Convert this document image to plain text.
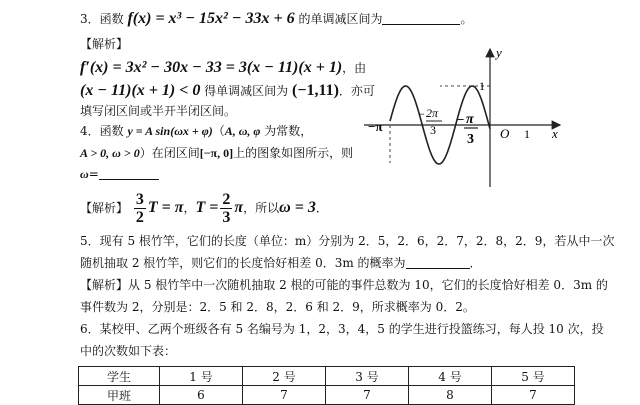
3．函数 f(x) = x³ − 15x² − 33x + 6 的单调减区间为	。
【解析】
f′(x) = 3x² − 30x − 33 = 3(x − 11)(x + 1)，由
(x − 11)(x + 1) < 0 得单调减区间为 (−1,11)．亦可
填写闭区间或半开半闭区间。
4．函数 y = A sin(ωx + φ)（A, ω, φ 为常数，
A > 0, ω > 0）在闭区间[−π, 0]上的图象如图所示，则
ω=
【解析】 $\frac{3}{2}$ T = π，$T = \frac{2}{3}$ π，所以ω = 3．
y
x
1
O 1
−π
− 2π
3
− π
3
5．现有 5 根竹竿，它们的长度（单位：m）分别为 2．5，2．6，2．7，2．8，2．9，若从中一次
随机抽取 2 根竹竿，则它们的长度恰好相差 0．3m 的概率为	．
【解析】从 5 根竹竿中一次随机抽取 2 根的可能的事件总数为 10，它们的长度恰好相差 0．3m 的
事件数为 2，分别是：2．5 和 2．8，2．6 和 2．9，所求概率为 0．2。
6．某校甲、乙两个班级各有 5 名编号为 1，2，3，4，5 的学生进行投篮练习，每人投 10 次，投
中的次数如下表：
学生	1 号	2 号	3 号	4 号	5 号
甲班	6	7	7	8	7
